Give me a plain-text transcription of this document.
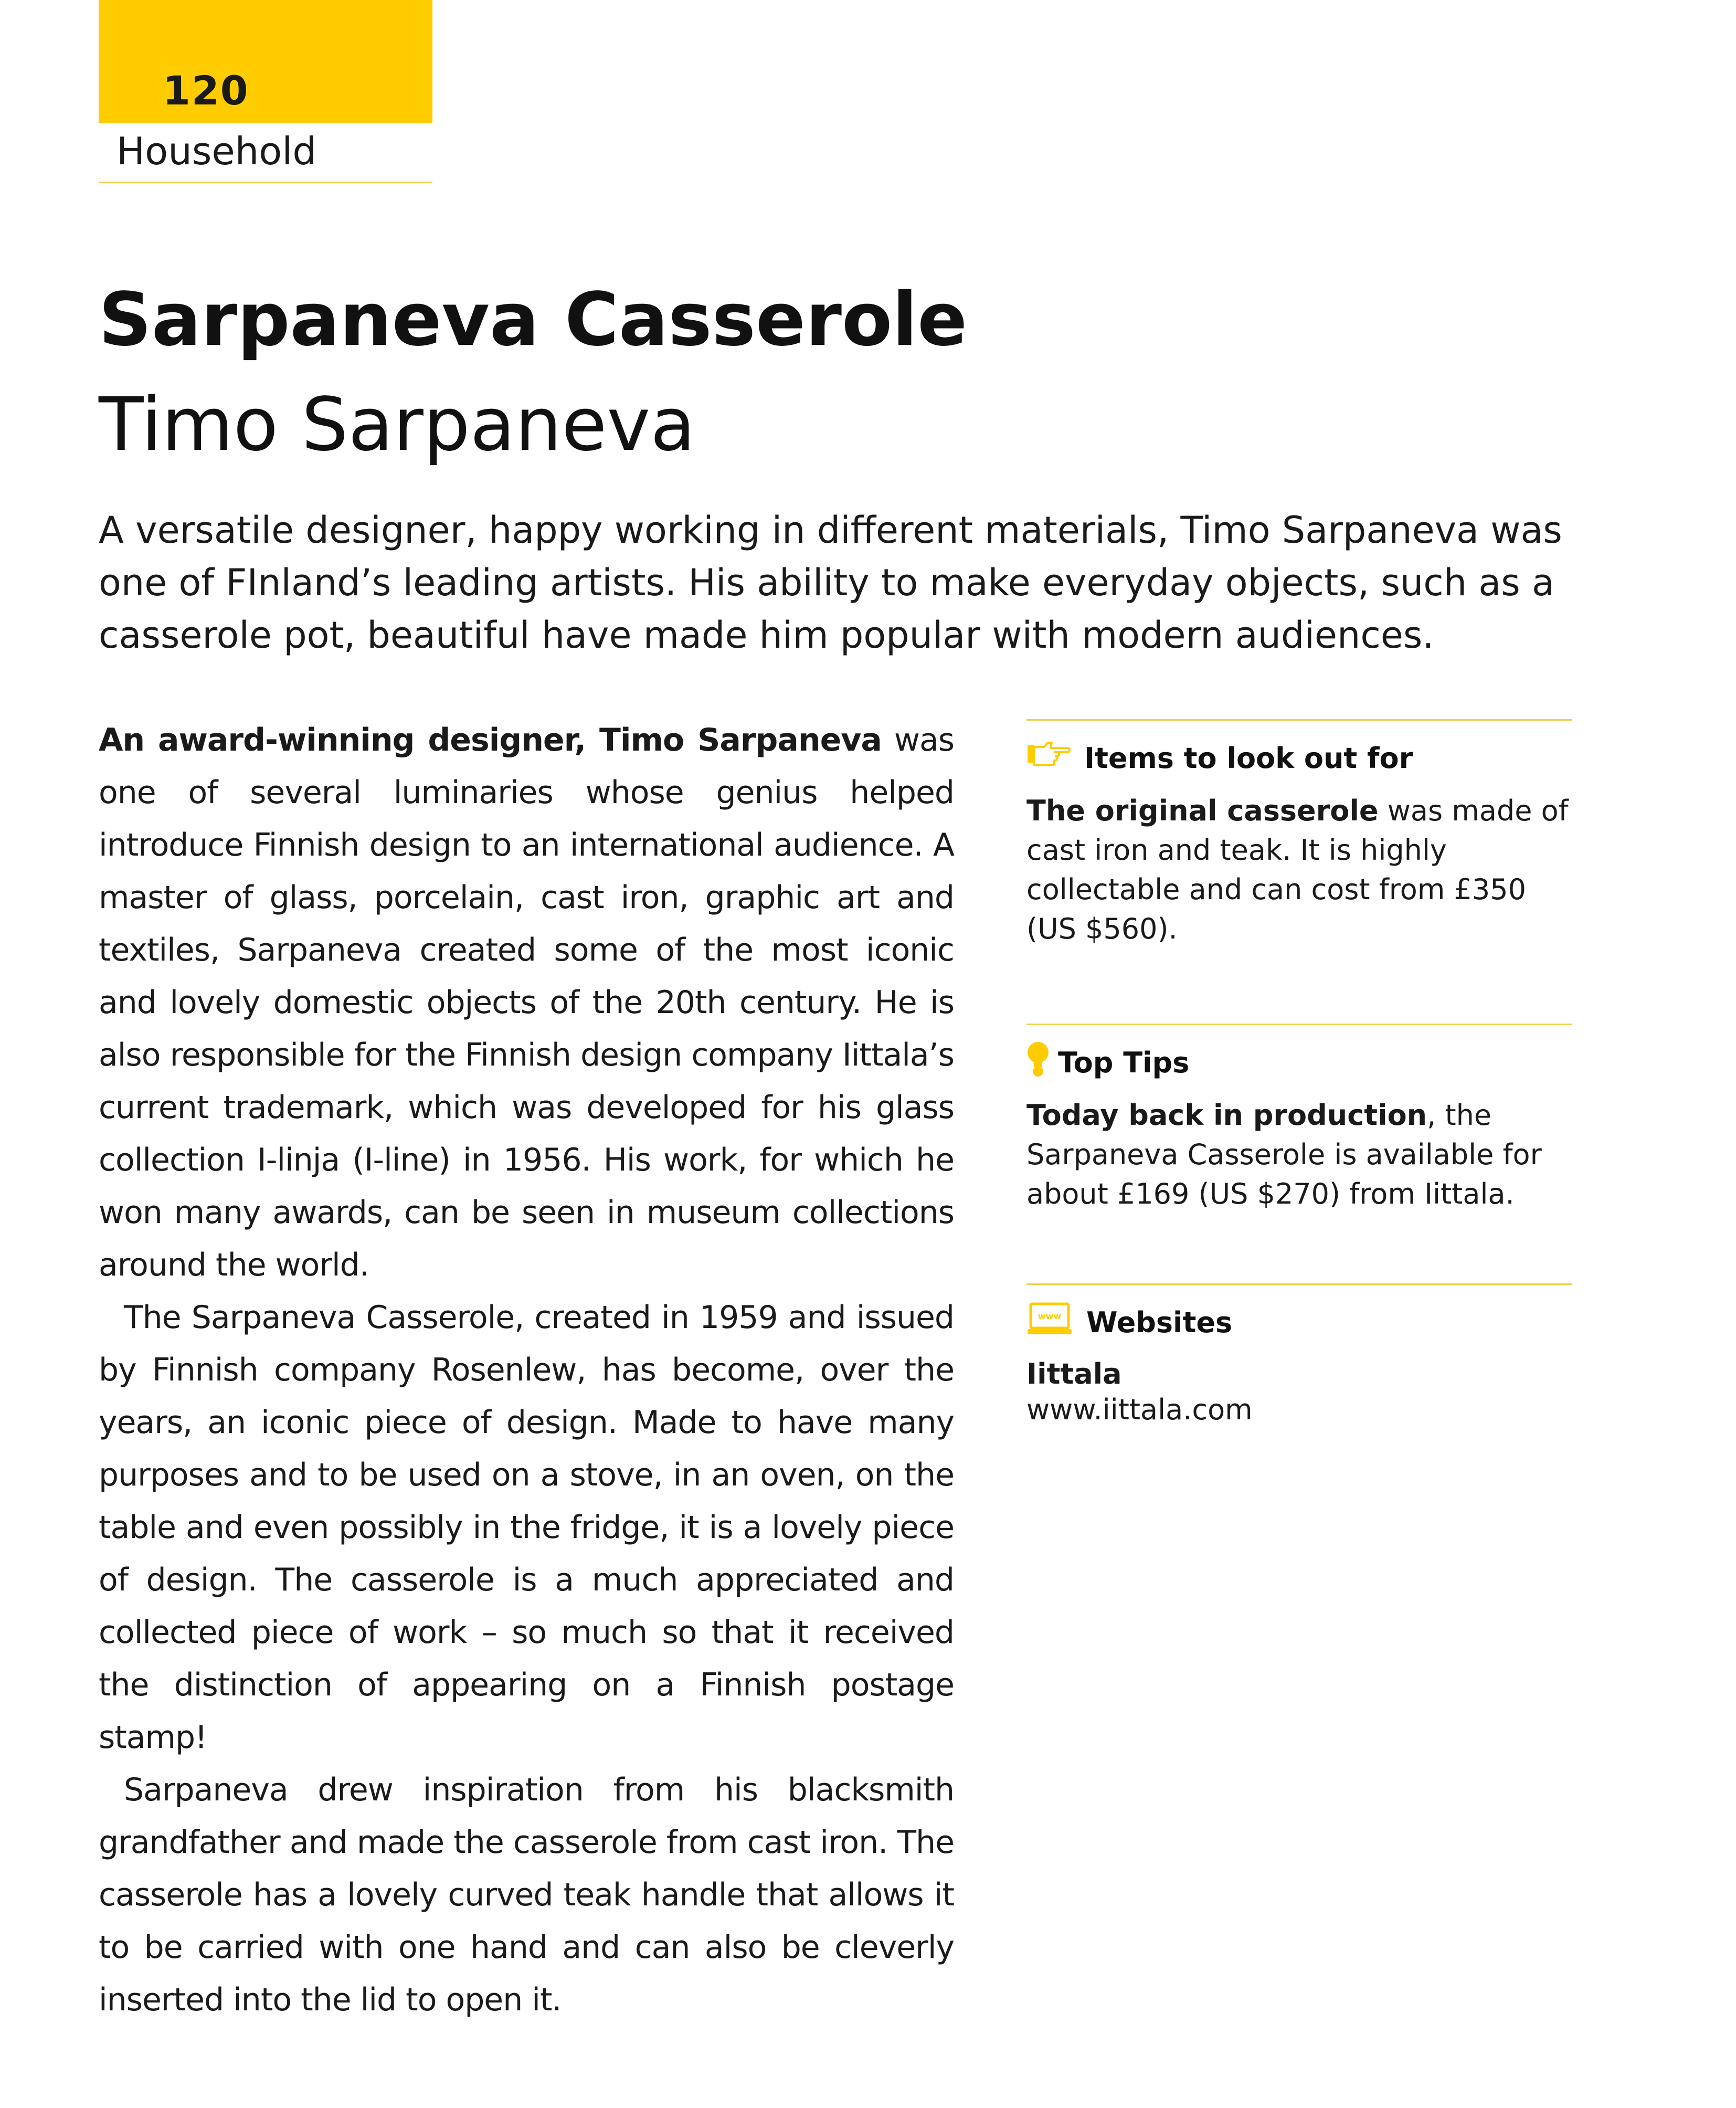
120
Household
Sarpaneva Casserole
Timo Sarpaneva
A versatile designer, happy working in different materials, Timo Sarpaneva was one of FInland’s leading artists. His ability to make everyday objects, such as a casserole pot, beautiful have made him popular with modern audiences.

An award-winning designer, Timo Sarpaneva was one of several luminaries whose genius helped introduce Finnish design to an international audience. A master of glass, porcelain, cast iron, graphic art and textiles, Sarpaneva created some of the most iconic and lovely domestic objects of the 20th century. He is also responsible for the Finnish design company Iittala’s current trademark, which was developed for his glass collection I-linja (I-line) in 1956. His work, for which he won many awards, can be seen in museum collections around the world.

The Sarpaneva Casserole, created in 1959 and issued by Finnish company Rosenlew, has become, over the years, an iconic piece of design. Made to have many purposes and to be used on a stove, in an oven, on the table and even possibly in the fridge, it is a lovely piece of design. The casserole is a much appreciated and collected piece of work – so much so that it received the distinction of appearing on a Finnish postage stamp!

Sarpaneva drew inspiration from his blacksmith grandfather and made the casserole from cast iron. The casserole has a lovely curved teak handle that allows it to be carried with one hand and can also be cleverly inserted into the lid to open it.

Items to look out for
The original casserole was made of cast iron and teak. It is highly collectable and can cost from £350 (US $560).
Top Tips
Today back in production, the Sarpaneva Casserole is available for about £169 (US $270) from Iittala.
www Websites
Iittala
www.iittala.com
